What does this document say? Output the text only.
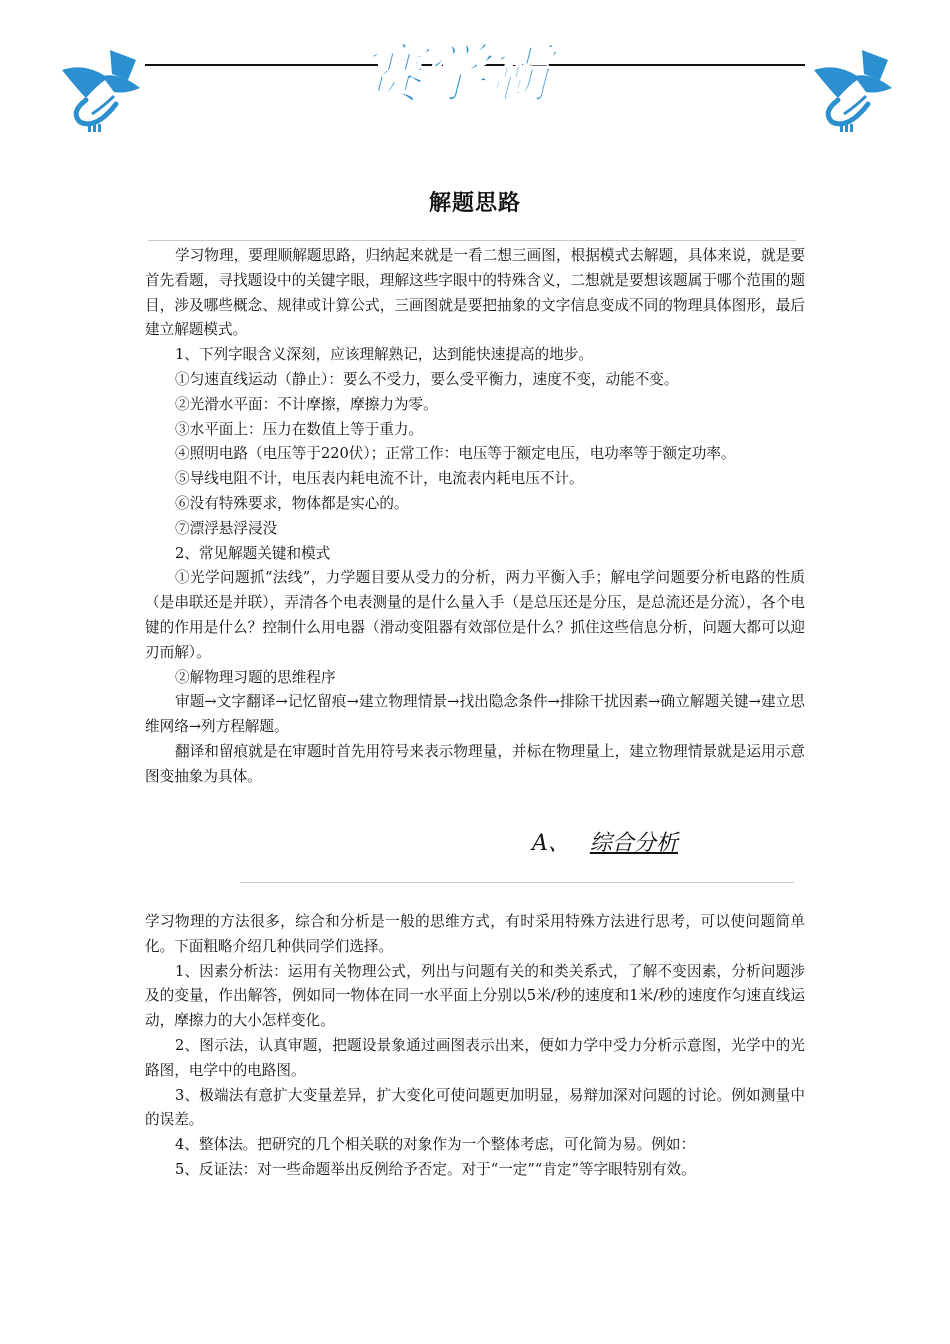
赛学霸
解题思路

学习物理，要理顺解题思路，归纳起来就是一看二想三画图，根据模式去解题，具体来说，就是要首先看题，寻找题设中的关键字眼，理解这些字眼中的特殊含义，二想就是要想该题属于哪个范围的题目，涉及哪些概念、规律或计算公式，三画图就是要把抽象的文字信息变成不同的物理具体图形，最后建立解题模式。

1、下列字眼含义深刻，应该理解熟记，达到能快速提高的地步。

①匀速直线运动（静止）：要么不受力，要么受平衡力，速度不变，动能不变。

②光滑水平面：不计摩擦，摩擦力为零。

③水平面上：压力在数值上等于重力。

④照明电路（电压等于220伏）；正常工作：电压等于额定电压，电功率等于额定功率。

⑤导线电阻不计，电压表内耗电流不计，电流表内耗电压不计。

⑥没有特殊要求，物体都是实心的。

⑦漂浮悬浮浸没

2、常见解题关键和模式

①光学问题抓“法线”，力学题目要从受力的分析，两力平衡入手；解电学问题要分析电路的性质（是串联还是并联），弄清各个电表测量的是什么量入手（是总压还是分压，是总流还是分流），各个电键的作用是什么？控制什么用电器（滑动变阻器有效部位是什么？抓住这些信息分析，问题大都可以迎刃而解）。

②解物理习题的思维程序

审题→文字翻译→记忆留痕→建立物理情景→找出隐念条件→排除干扰因素→确立解题关键→建立思维网络→列方程解题。

翻译和留痕就是在审题时首先用符号来表示物理量，并标在物理量上，建立物理情景就是运用示意图变抽象为具体。

A、 综合分析

学习物理的方法很多，综合和分析是一般的思维方式，有时采用特殊方法进行思考，可以使问题简单化。下面粗略介绍几种供同学们选择。

1、因素分析法：运用有关物理公式，列出与问题有关的和类关系式，了解不变因素，分析问题涉及的变量，作出解答，例如同一物体在同一水平面上分别以5米/秒的速度和1米/秒的速度作匀速直线运动，摩擦力的大小怎样变化。

2、图示法，认真审题，把题设景象通过画图表示出来，便如力学中受力分析示意图，光学中的光路图，电学中的电路图。

3、极端法有意扩大变量差异，扩大变化可使问题更加明显，易辩加深对问题的讨论。例如测量中的误差。

4、整体法。把研究的几个相关联的对象作为一个整体考虑，可化简为易。例如：

5、反证法：对一些命题举出反例给予否定。对于“一定”“肯定”等字眼特别有效。
